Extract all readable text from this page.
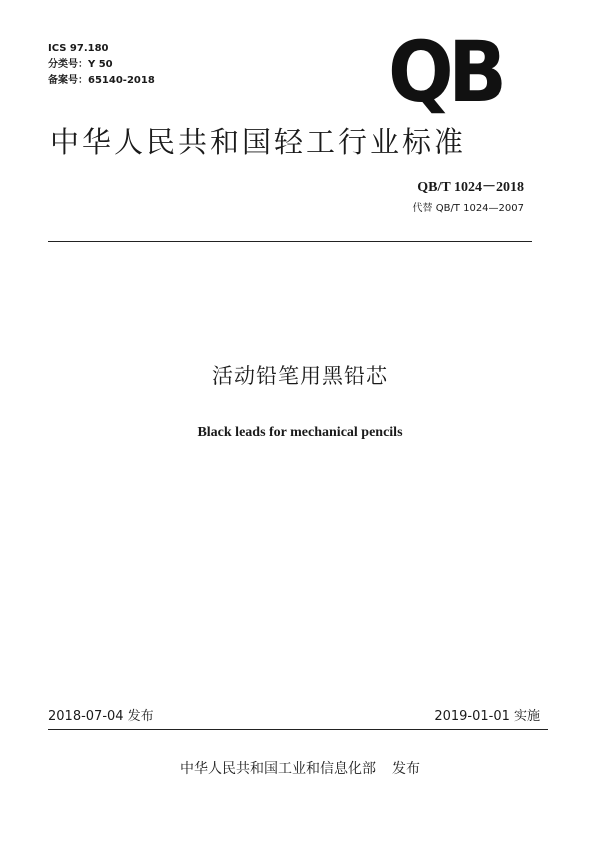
ICS 97.180
分类号：Y 50
备案号：65140-2018	QB
中华人民共和国轻工行业标准
QB/T 1024－2018
代替 QB/T 1024—2007
活动铅笔用黑铅芯
Black leads for mechanical pencils
2018-07-04 发布	2019-01-01 实施
中华人民共和国工业和信息化部 发布
